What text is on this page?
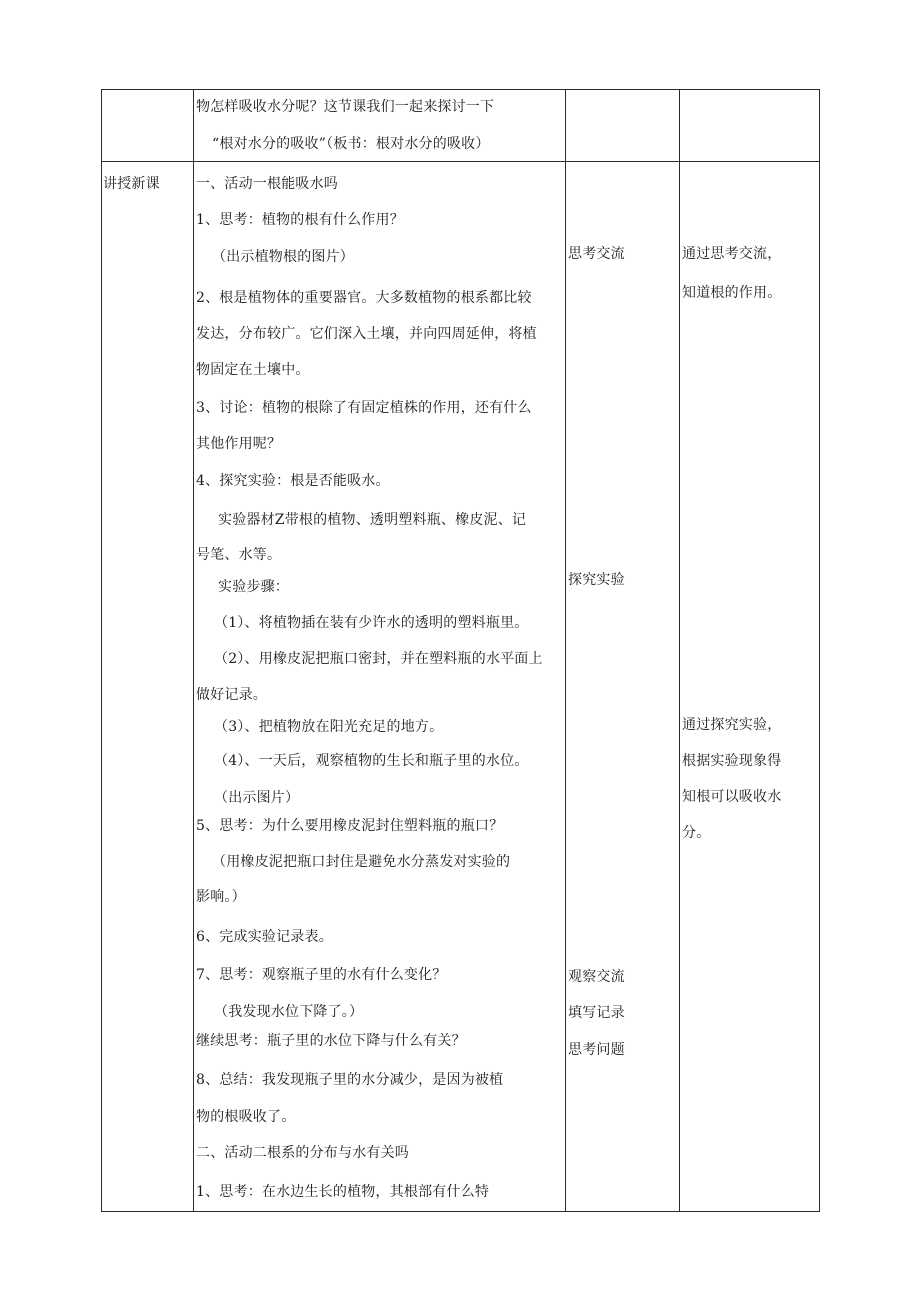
物怎样吸收水分呢？这节课我们一起来探讨一下
“根对水分的吸收”（板书：根对水分的吸收）
讲授新课	一、活动一根能吸水吗
1、思考：植物的根有什么作用？
（出示植物根的图片）
2、根是植物体的重要器官。大多数植物的根系都比较
发达，分布较广。它们深入土壤，并向四周延伸，将植
物固定在土壤中。
3、讨论：植物的根除了有固定植株的作用，还有什么
其他作用呢？
4、探究实验：根是否能吸水。
实验器材Z带根的植物、透明塑料瓶、橡皮泥、记
号笔、水等。
实验步骤：
（1）、将植物插在装有少许水的透明的塑料瓶里。
（2）、用橡皮泥把瓶口密封，并在塑料瓶的水平面上
做好记录。
（3）、把植物放在阳光充足的地方。
（4）、一天后，观察植物的生长和瓶子里的水位。
（出示图片）
5、思考：为什么要用橡皮泥封住塑料瓶的瓶口？
（用橡皮泥把瓶口封住是避免水分蒸发对实验的
影响。）
6、完成实验记录表。
7、思考：观察瓶子里的水有什么变化？
（我发现水位下降了。）
继续思考：瓶子里的水位下降与什么有关？
8、总结：我发现瓶子里的水分减少，是因为被植
物的根吸收了。
二、活动二根系的分布与水有关吗
1、思考：在水边生长的植物，其根部有什么特
思考交流
探究实验
观察交流
填写记录
思考问题
通过思考交流，
知道根的作用。
通过探究实验，
根据实验现象得
知根可以吸收水
分。
